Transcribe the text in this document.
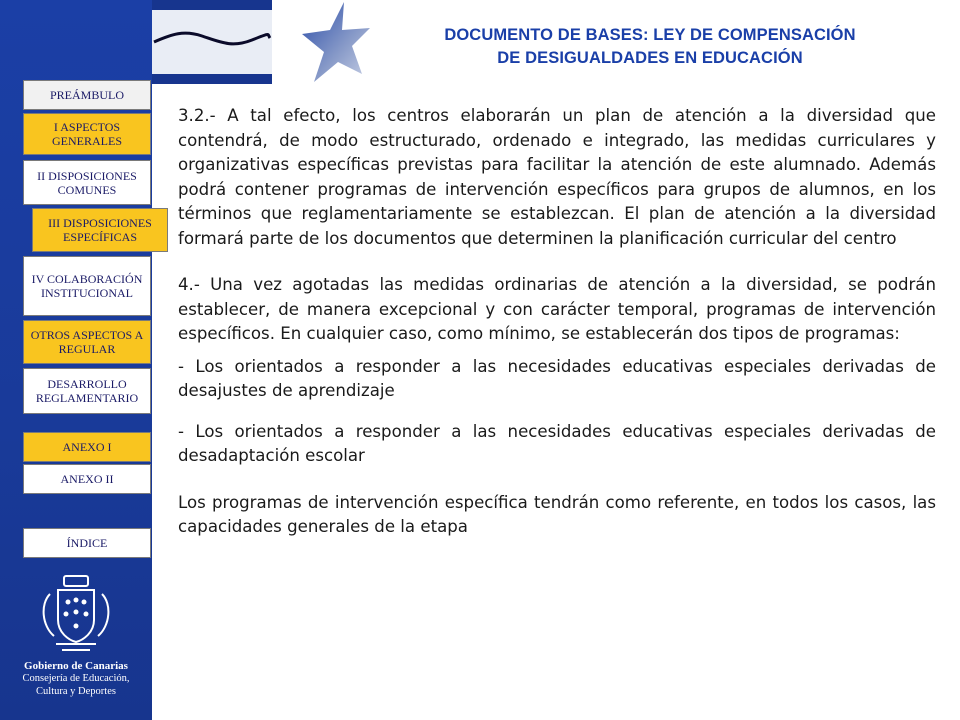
DOCUMENTO DE BASES: LEY DE COMPENSACIÓN
DE DESIGUALDADES EN EDUCACIÓN
PREÁMBULO
I ASPECTOS GENERALES
II DISPOSICIONES COMUNES
III DISPOSICIONES ESPECÍFICAS
IV COLABORACIÓN INSTITUCIONAL
OTROS ASPECTOS A REGULAR
DESARROLLO REGLAMENTARIO
ANEXO I
ANEXO II
ÍNDICE
Gobierno de Canarias
Consejería de Educación,
Cultura y Deportes

3.2.- A tal efecto, los centros elaborarán un plan de atención a la diversidad que contendrá, de modo estructurado, ordenado e integrado, las medidas curriculares y organizativas específicas previstas para facilitar la atención de este alumnado. Además podrá contener programas de intervención específicos para grupos de alumnos, en los términos que reglamentariamente se establezcan. El plan de atención a la diversidad formará parte de los documentos que determinen la planificación curricular del centro

4.- Una vez agotadas las medidas ordinarias de atención a la diversidad, se podrán establecer, de manera excepcional y con carácter temporal, programas de intervención específicos. En cualquier caso, como mínimo, se establecerán dos tipos de programas:

- Los orientados a responder a las necesidades educativas especiales derivadas de desajustes de aprendizaje

- Los orientados a responder a las necesidades educativas especiales derivadas de desadaptación escolar

Los programas de intervención específica tendrán como referente, en todos los casos, las capacidades generales de la etapa
